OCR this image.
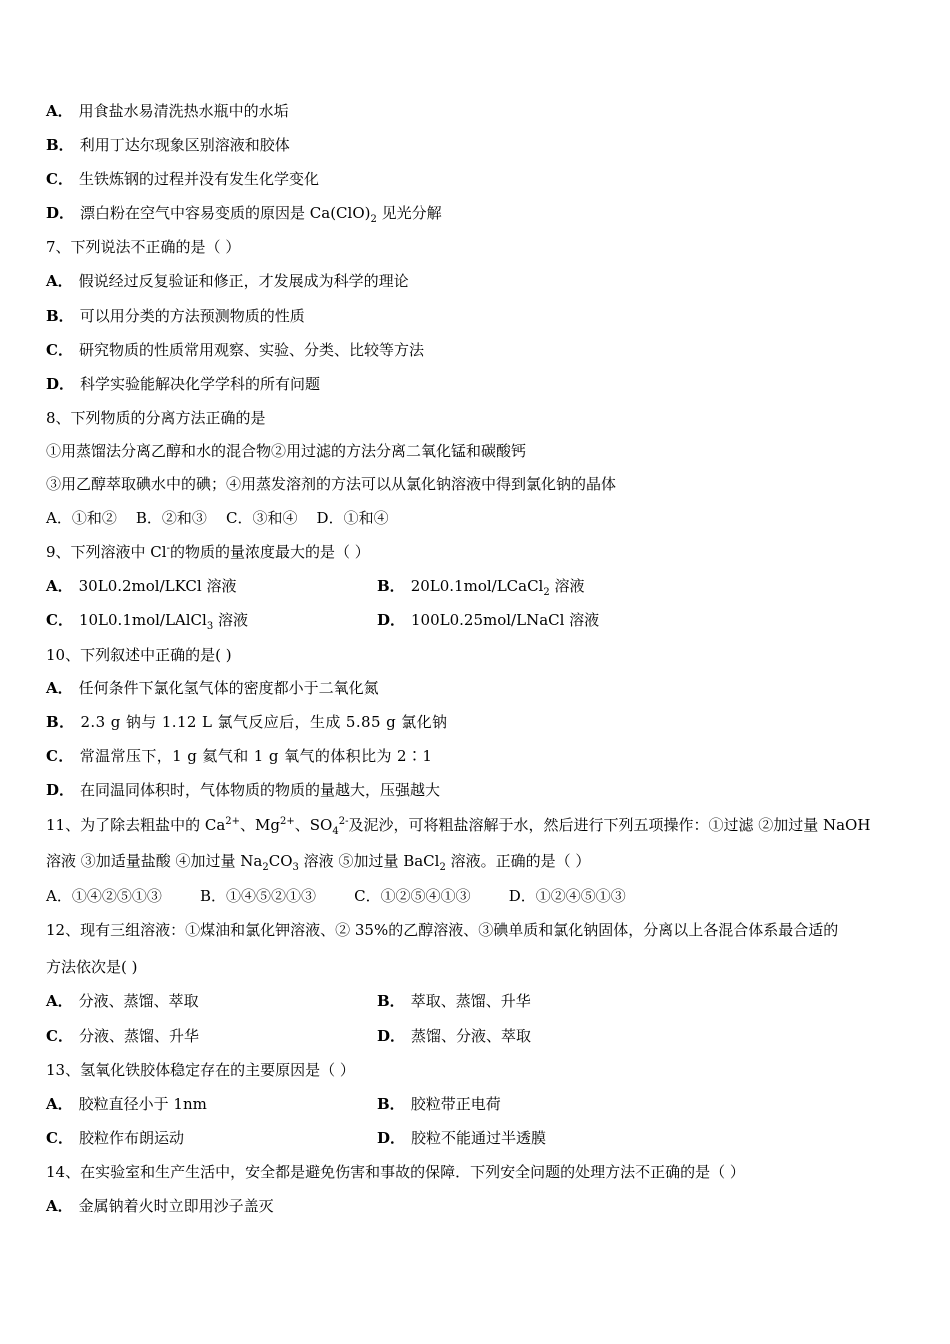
A． 用食盐水易清洗热水瓶中的水垢
B． 利用丁达尔现象区别溶液和胶体
C． 生铁炼钢的过程并没有发生化学变化
D． 漂白粉在空气中容易变质的原因是 $Ca(ClO)_2$ 见光分解
7、下列说法不正确的是（ ）
A． 假说经过反复验证和修正，才发展成为科学的理论
B． 可以用分类的方法预测物质的性质
C． 研究物质的性质常用观察、实验、分类、比较等方法
D． 科学实验能解决化学学科的所有问题
8、下列物质的分离方法正确的是
①用蒸馏法分离乙醇和水的混合物②用过滤的方法分离二氧化锰和碳酸钙
③用乙醇萃取碘水中的碘；④用蒸发溶剂的方法可以从氯化钠溶液中得到氯化钠的晶体
A．①和②    B．②和③    C．③和④    D．①和④
9、下列溶液中 Cl-的物质的量浓度最大的是（ ）
A． 30L0.2mol/LKCl 溶液	B． 20L0.1mol/LCaCl$_2$ 溶液
C． 10L0.1mol/LAlCl$_3$ 溶液	D． 100L0.25mol/LNaCl 溶液
10、下列叙述中正确的是( )
A． 任何条件下氯化氢气体的密度都小于二氧化氮
B． 2.3 g 钠与 1.12 L 氯气反应后，生成 5.85 g 氯化钠
C． 常温常压下，1 g 氦气和 1 g 氧气的体积比为 2∶1
D． 在同温同体积时，气体物质的物质的量越大，压强越大
11、为了除去粗盐中的 $Ca^{2+}$、$Mg^{2+}$、$SO_4^{2-}$及泥沙，可将粗盐溶解于水，然后进行下列五项操作：①过滤 ②加过量 NaOH
溶液 ③加适量盐酸 ④加过量 $Na_2CO_3$ 溶液 ⑤加过量 BaCl$_2$ 溶液。正确的是（ ）
A．①④②⑤①③        B．①④⑤②①③        C．①②⑤④①③        D．①②④⑤①③
12、现有三组溶液：①煤油和氯化钾溶液、② 35%的乙醇溶液、③碘单质和氯化钠固体，分离以上各混合体系最合适的
方法依次是( )
A． 分液、蒸馏、萃取	B． 萃取、蒸馏、升华
C． 分液、蒸馏、升华	D． 蒸馏、分液、萃取
13、氢氧化铁胶体稳定存在的主要原因是（ ）
A． 胶粒直径小于 1nm	B． 胶粒带正电荷
C． 胶粒作布朗运动	D． 胶粒不能通过半透膜
14、在实验室和生产生活中，安全都是避免伤害和事故的保障．下列安全问题的处理方法不正确的是（ ）
A． 金属钠着火时立即用沙子盖灭
